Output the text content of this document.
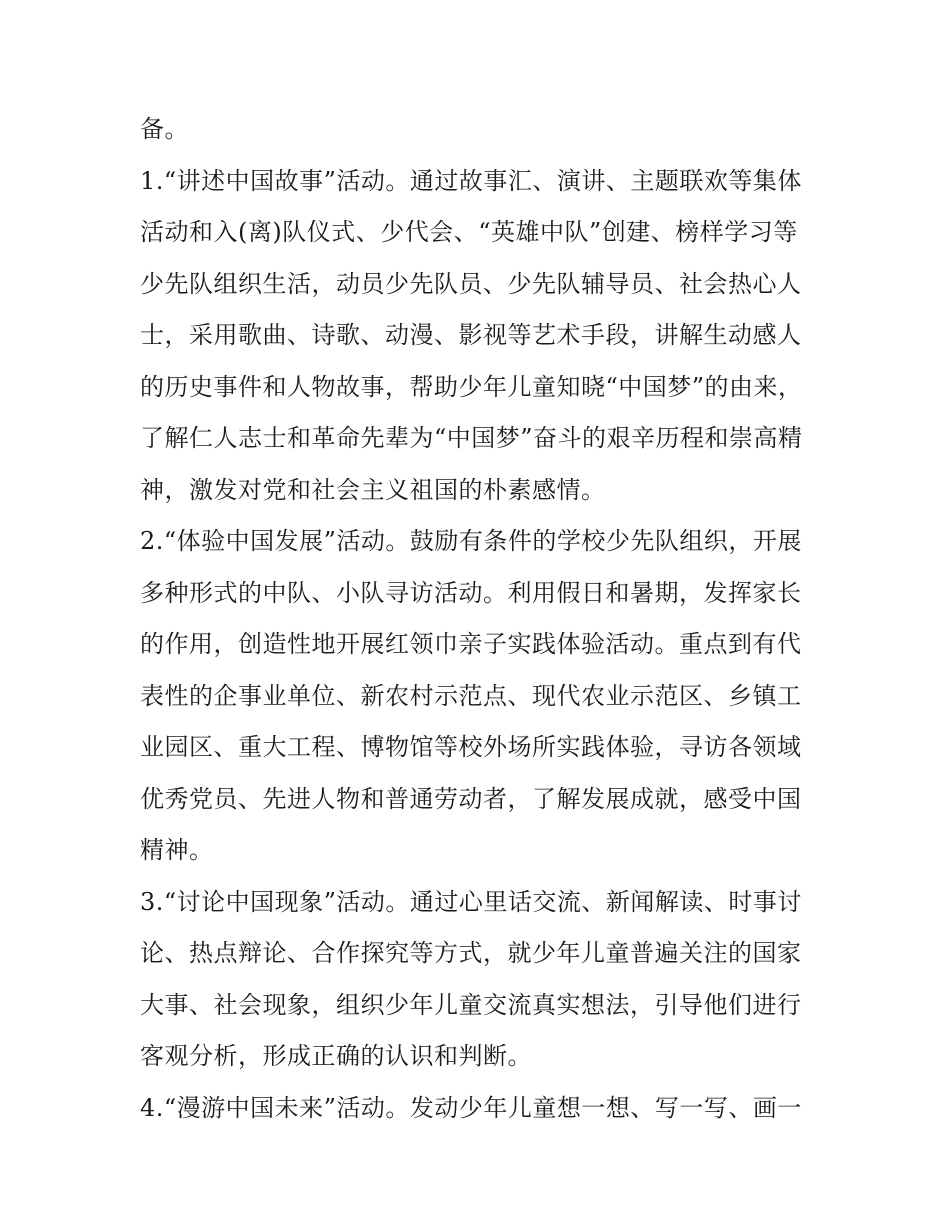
备。
1.“讲述中国故事”活动。通过故事汇、演讲、主题联欢等集体
活动和入(离)队仪式、少代会、“英雄中队”创建、榜样学习等
少先队组织生活，动员少先队员、少先队辅导员、社会热心人
士，采用歌曲、诗歌、动漫、影视等艺术手段，讲解生动感人
的历史事件和人物故事，帮助少年儿童知晓“中国梦”的由来，
了解仁人志士和革命先辈为“中国梦”奋斗的艰辛历程和崇高精
神，激发对党和社会主义祖国的朴素感情。
2.“体验中国发展”活动。鼓励有条件的学校少先队组织，开展
多种形式的中队、小队寻访活动。利用假日和暑期，发挥家长
的作用，创造性地开展红领巾亲子实践体验活动。重点到有代
表性的企事业单位、新农村示范点、现代农业示范区、乡镇工
业园区、重大工程、博物馆等校外场所实践体验，寻访各领域
优秀党员、先进人物和普通劳动者，了解发展成就，感受中国
精神。
3.“讨论中国现象”活动。通过心里话交流、新闻解读、时事讨
论、热点辩论、合作探究等方式，就少年儿童普遍关注的国家
大事、社会现象，组织少年儿童交流真实想法，引导他们进行
客观分析，形成正确的认识和判断。
4.“漫游中国未来”活动。发动少年儿童想一想、写一写、画一
